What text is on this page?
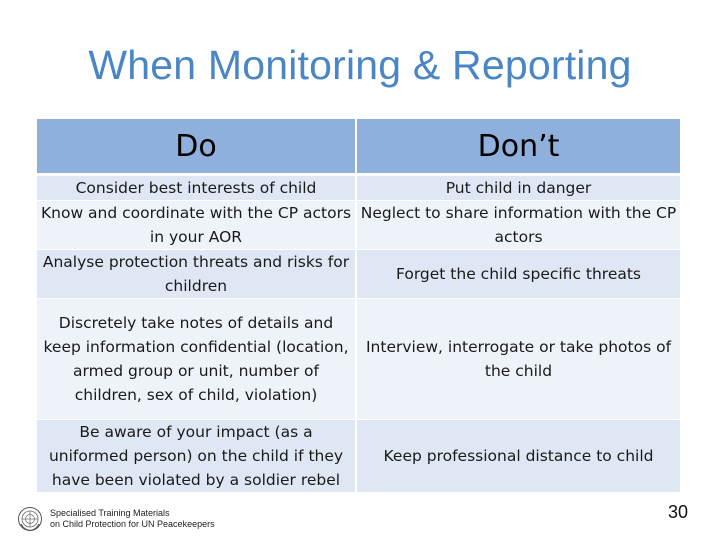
When Monitoring & Reporting
Do	Don’t
Consider best interests of child	Put child in danger
Know and coordinate with the CP actors in your AOR	Neglect to share information with the CP actors
Analyse protection threats and risks for children	Forget the child specific threats
Discretely take notes of details and keep information confidential (location, armed group or unit, number of children, sex of child, violation)	Interview, interrogate or take photos of the child
Be aware of your impact (as a uniformed person) on the child if they have been violated by a soldier rebel	Keep professional distance to child
Specialised Training Materials
on Child Protection for UN Peacekeepers
30
